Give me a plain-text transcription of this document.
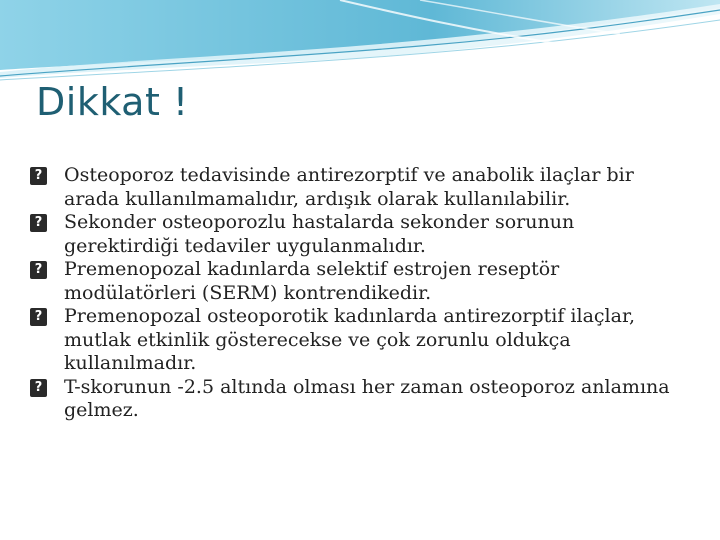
Dikkat !

? Osteoporoz tedavisinde antirezorptif ve anabolik ilaçlar bir arada kullanılmamalıdır, ardışık olarak kullanılabilir.

? Sekonder osteoporozlu hastalarda sekonder sorunun gerektirdiği tedaviler uygulanmalıdır.

? Premenopozal kadınlarda selektif estrojen reseptör modülatörleri (SERM) kontrendikedir.

? Premenopozal osteoporotik kadınlarda antirezorptif ilaçlar, mutlak etkinlik gösterecekse ve çok zorunlu oldukça kullanılmadır.

? T-skorunun -2.5 altında olması her zaman osteoporoz anlamına gelmez.
